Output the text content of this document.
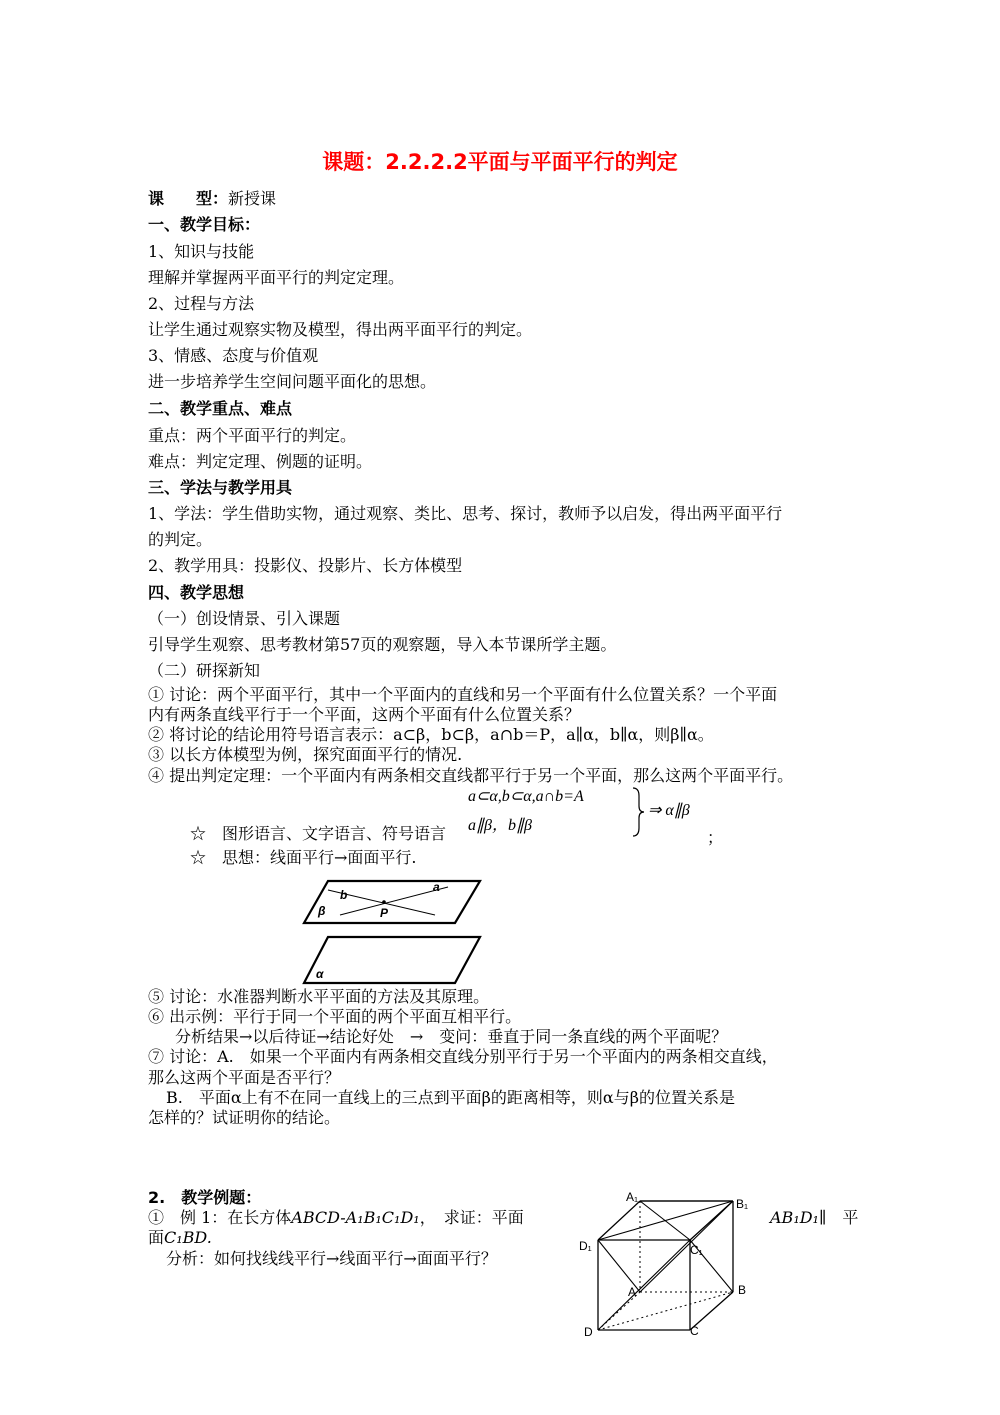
课题：2.2.2.2平面与平面平行的判定
课　　型：新授课
一、教学目标：
1、知识与技能
理解并掌握两平面平行的判定定理。
2、过程与方法
让学生通过观察实物及模型，得出两平面平行的判定。
3、情感、态度与价值观
进一步培养学生空间问题平面化的思想。
二、教学重点、难点
重点：两个平面平行的判定。
难点：判定定理、例题的证明。
三、学法与教学用具
1、学法：学生借助实物，通过观察、类比、思考、探讨，教师予以启发，得出两平面平行
的判定。
2、教学用具：投影仪、投影片、长方体模型
四、教学思想
（一）创设情景、引入课题
引导学生观察、思考教材第57页的观察题，导入本节课所学主题。
（二）研探新知
① 讨论：两个平面平行，其中一个平面内的直线和另一个平面有什么位置关系？一个平面
内有两条直线平行于一个平面，这两个平面有什么位置关系？
② 将讨论的结论用符号语言表示：a⊂β，b⊂β，a∩b＝P，a∥α，b∥α，则β∥α。
③ 以长方体模型为例，探究面面平行的情况.
④ 提出判定定理：一个平面内有两条相交直线都平行于另一个平面，那么这两个平面平行。
a⊂α,b⊂α,a∩b=A
a∥β，b∥β
⇒ α∥β
；
☆　图形语言、文字语言、符号语言
☆　思想：线面平行→面面平行.
b
a
β	P
α
⑤ 讨论：水准器判断水平平面的方法及其原理。
⑥ 出示例：平行于同一个平面的两个平面互相平行。
分析结果→以后待证→结论好处　→　变问：垂直于同一条直线的两个平面呢？
⑦ 讨论：A.　如果一个平面内有两条相交直线分别平行于另一个平面内的两条相交直线，
那么这两个平面是否平行？
B.　平面α上有不在同一直线上的三点到平面β的距离相等，则α与β的位置关系是
怎样的？试证明你的结论。
2.　教学例题：
①　例 1：在长方体ABCD-A₁B₁C₁D₁，　求证：平面	AB₁D₁∥　平
面C₁BD.
分析：如何找线线平行→线面平行→面面平行？
A₁	B₁
D₁	C₁
A	B
D	C
